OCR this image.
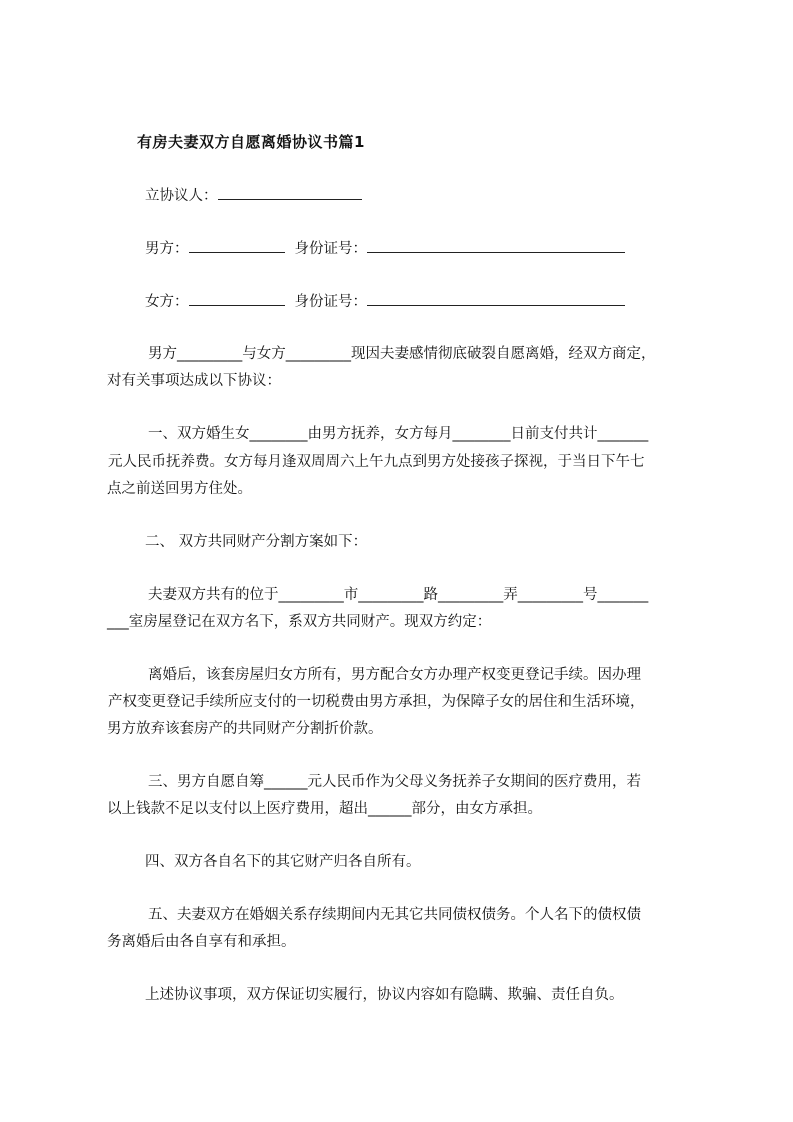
有房夫妻双方自愿离婚协议书篇1
立协议人：
男方：	身份证号：
女方：	身份证号：
男方_________与女方_________现因夫妻感情彻底破裂自愿离婚，经双方商定，
对有关事项达成以下协议：
一、双方婚生女________由男方抚养，女方每月________日前支付共计_______
元人民币抚养费。女方每月逢双周周六上午九点到男方处接孩子探视，于当日下午七
点之前送回男方住处。
二、 双方共同财产分割方案如下：
夫妻双方共有的位于_________市_________路_________弄_________号_______
___室房屋登记在双方名下，系双方共同财产。现双方约定：
离婚后，该套房屋归女方所有，男方配合女方办理产权变更登记手续。因办理
产权变更登记手续所应支付的一切税费由男方承担，为保障子女的居住和生活环境，
男方放弃该套房产的共同财产分割折价款。
三、男方自愿自筹______元人民币作为父母义务抚养子女期间的医疗费用，若
以上钱款不足以支付以上医疗费用，超出______部分，由女方承担。
四、双方各自名下的其它财产归各自所有。
五、夫妻双方在婚姻关系存续期间内无其它共同债权债务。个人名下的债权债
务离婚后由各自享有和承担。
上述协议事项，双方保证切实履行，协议内容如有隐瞒、欺骗、责任自负。
